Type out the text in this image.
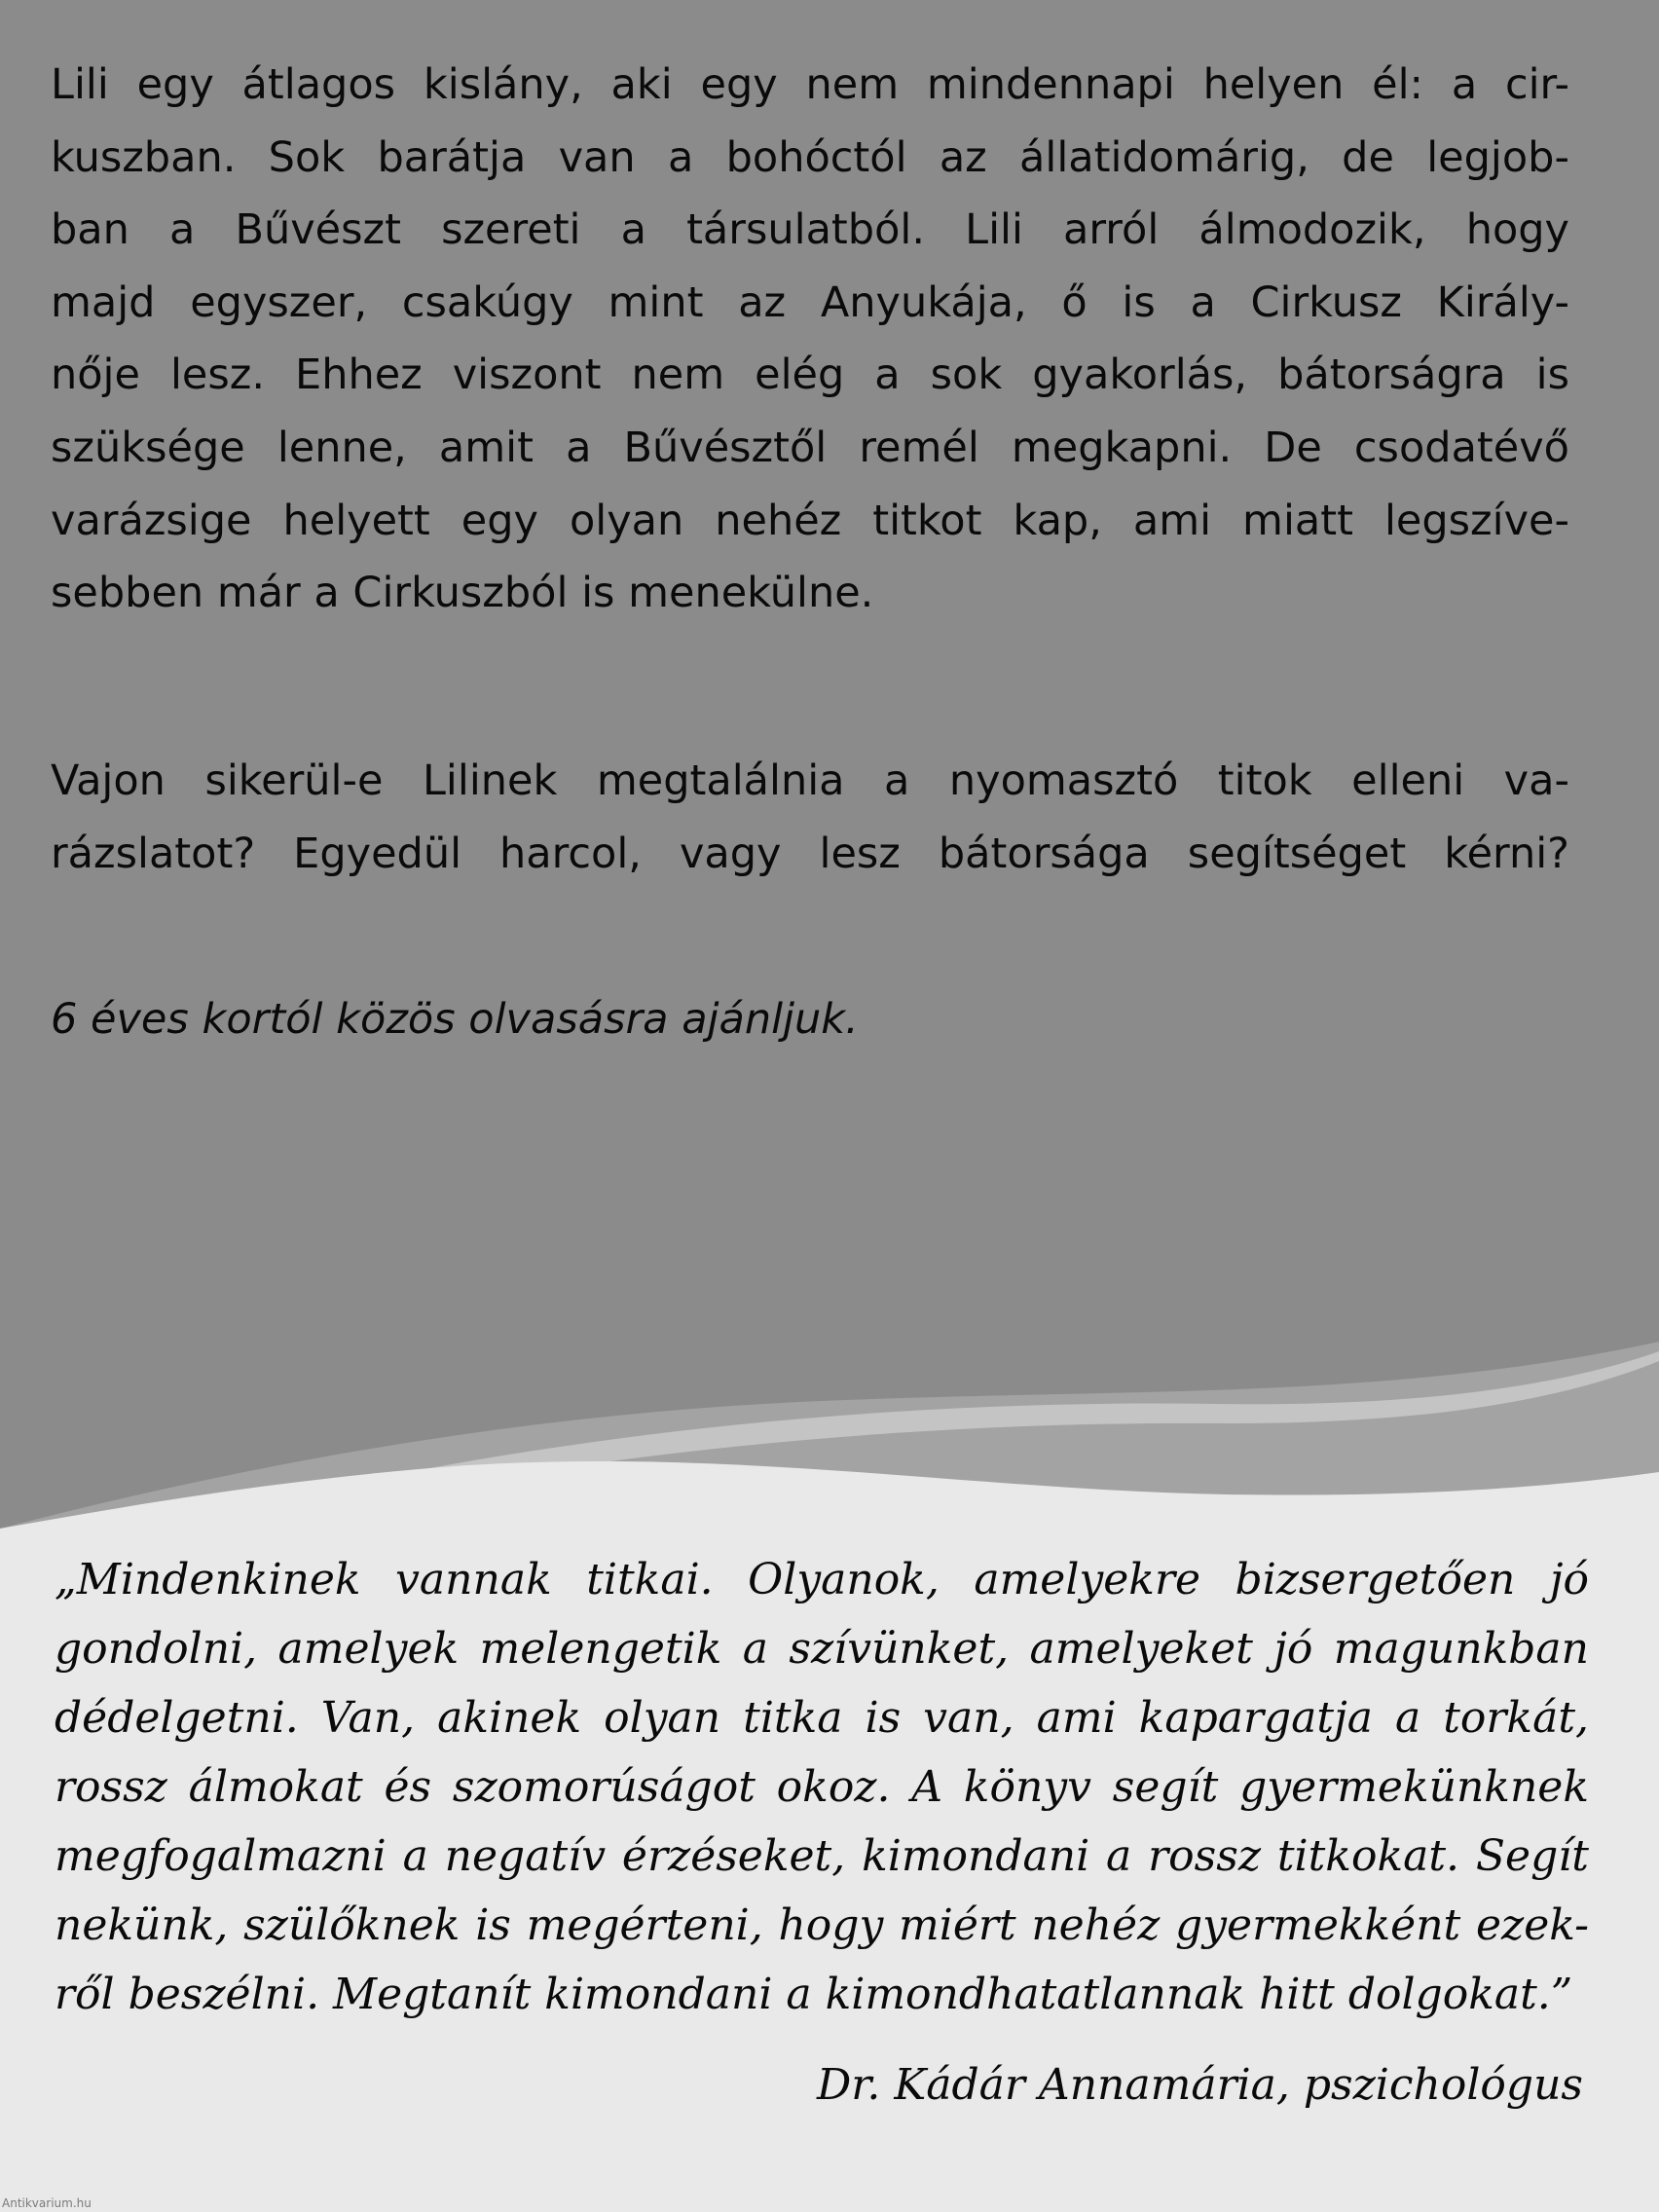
Lili egy átlagos kislány, aki egy nem mindennapi helyen él: a cir-
kuszban. Sok barátja van a bohóctól az állatidomárig, de legjob-
ban a Bűvészt szereti a társulatból. Lili arról álmodozik, hogy
majd egyszer, csakúgy mint az Anyukája, ő is a Cirkusz Király-
nője lesz. Ehhez viszont nem elég a sok gyakorlás, bátorságra is
szüksége lenne, amit a Bűvésztől remél megkapni. De csodatévő
varázsige helyett egy olyan nehéz titkot kap, ami miatt legszíve-
sebben már a Cirkuszból is menekülne.
Vajon sikerül-e Lilinek megtalálnia a nyomasztó titok elleni va-
rázslatot? Egyedül harcol, vagy lesz bátorsága segítséget kérni?
6 éves kortól közös olvasásra ajánljuk.
„Mindenkinek vannak titkai. Olyanok, amelyekre bizsergetően jó
gondolni, amelyek melengetik a szívünket, amelyeket jó magunkban
dédelgetni. Van, akinek olyan titka is van, ami kapargatja a torkát,
rossz álmokat és szomorúságot okoz. A könyv segít gyermekünknek
megfogalmazni a negatív érzéseket, kimondani a rossz titkokat. Segít
nekünk, szülőknek is megérteni, hogy miért nehéz gyermekként ezek-
ről beszélni. Megtanít kimondani a kimondhatatlannak hitt dolgokat.”
Dr. Kádár Annamária, pszichológus
Antikvarium.hu
